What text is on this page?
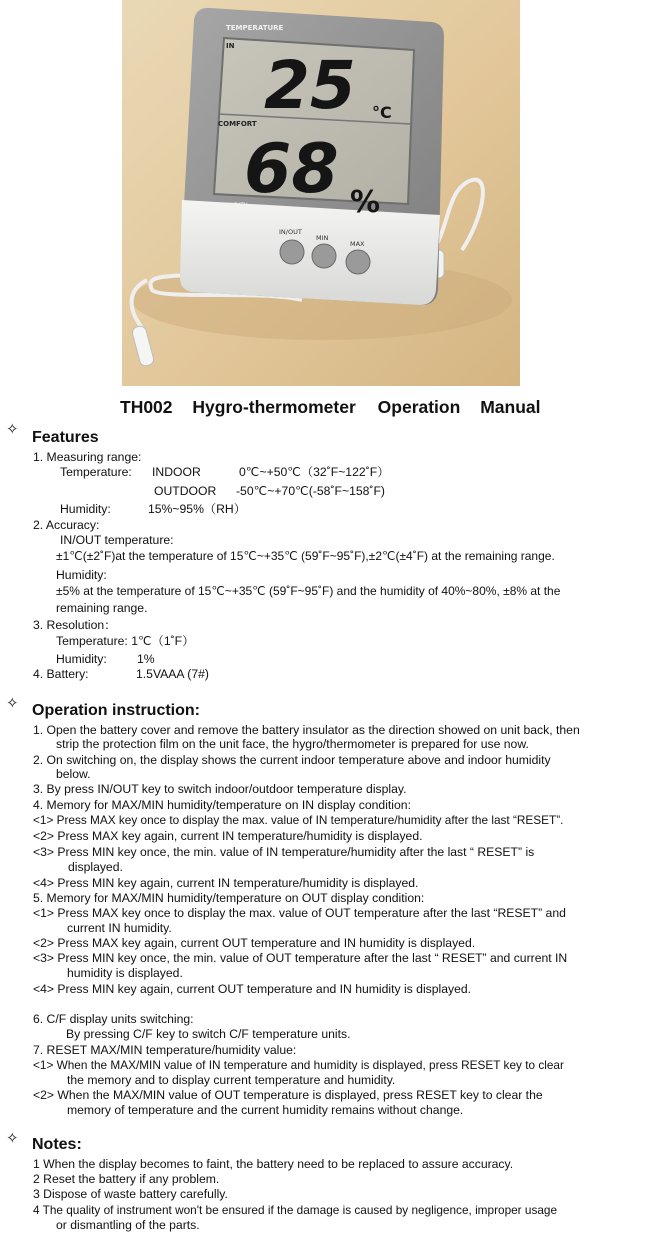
TEMPERATURE
IN
25 °C
COMFORT
68 %
HUMIDITY
IN/OUT
MIN
MAX
TH002 Hygro-thermometer Operation Manual
✧ Features
1. Measuring range:
Temperature: INDOOR	0℃~+50℃（32˚F~122˚F）
OUTDOOR -50℃~+70℃(-58˚F~158˚F)
Humidity:	15%~95%（RH）
2. Accuracy:
IN/OUT temperature:
±1℃(±2˚F)at the temperature of 15℃~+35℃ (59˚F~95˚F),±2℃(±4˚F) at the remaining range.
Humidity:
±5% at the temperature of 15℃~+35℃ (59˚F~95˚F) and the humidity of 40%~80%, ±8% at the
remaining range.
3. Resolution：
Temperature: 1℃（1˚F）
Humidity: 1%
4. Battery:	1.5VAAA (7#)
✧ Operation instruction:
1. Open the battery cover and remove the battery insulator as the direction showed on unit back, then
strip the protection film on the unit face, the hygro/thermometer is prepared for use now.
2. On switching on, the display shows the current indoor temperature above and indoor humidity
below.
3. By press IN/OUT key to switch indoor/outdoor temperature display.
4. Memory for MAX/MIN humidity/temperature on IN display condition:
<1> Press MAX key once to display the max. value of IN temperature/humidity after the last “RESET”.
<2> Press MAX key again, current IN temperature/humidity is displayed.
<3> Press MIN key once, the min. value of IN temperature/humidity after the last “ RESET” is
displayed.
<4> Press MIN key again, current IN temperature/humidity is displayed.
5. Memory for MAX/MIN humidity/temperature on OUT display condition:
<1> Press MAX key once to display the max. value of OUT temperature after the last “RESET” and
current IN humidity.
<2> Press MAX key again, current OUT temperature and IN humidity is displayed.
<3> Press MIN key once, the min. value of OUT temperature after the last “ RESET” and current IN
humidity is displayed.
<4> Press MIN key again, current OUT temperature and IN humidity is displayed.
6. C/F display units switching:
By pressing C/F key to switch C/F temperature units.
7. RESET MAX/MIN temperature/humidity value:
<1> When the MAX/MIN value of IN temperature and humidity is displayed, press RESET key to clear
the memory and to display current temperature and humidity.
<2> When the MAX/MIN value of OUT temperature is displayed, press RESET key to clear the
memory of temperature and the current humidity remains without change.
✧ Notes:
1 When the display becomes to faint, the battery need to be replaced to assure accuracy.
2 Reset the battery if any problem.
3 Dispose of waste battery carefully.
4 The quality of instrument won't be ensured if the damage is caused by negligence, improper usage
or dismantling of the parts.
